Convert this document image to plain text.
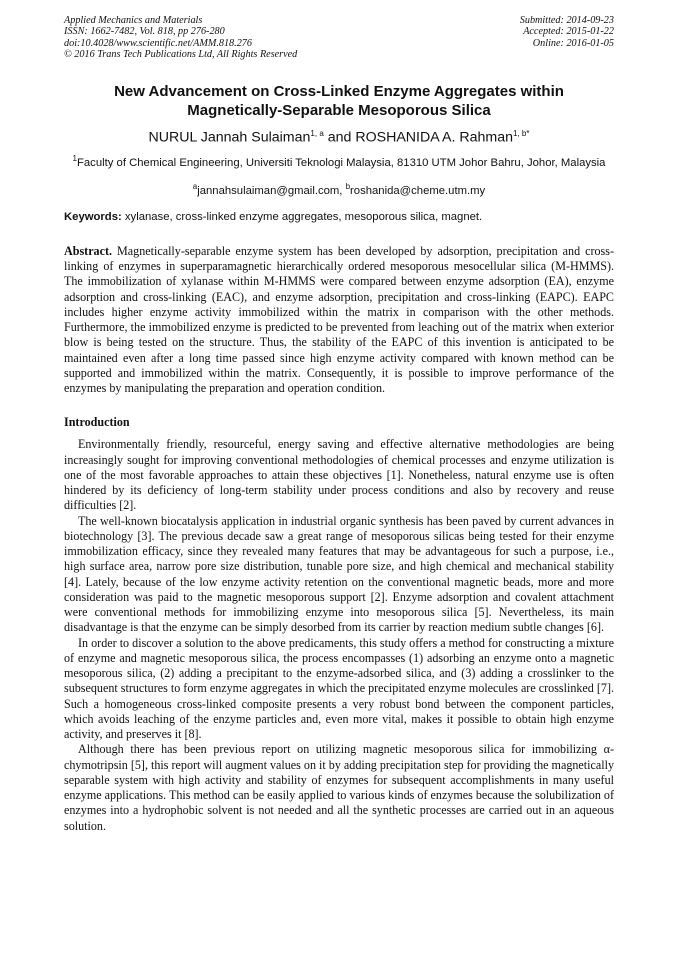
Applied Mechanics and Materials
ISSN: 1662-7482, Vol. 818, pp 276-280
doi:10.4028/www.scientific.net/AMM.818.276
© 2016 Trans Tech Publications Ltd, All Rights Reserved
Submitted: 2014-09-23
Accepted: 2015-01-22
Online: 2016-01-05
New Advancement on Cross-Linked Enzyme Aggregates within Magnetically-Separable Mesoporous Silica
NURUL Jannah Sulaiman$^{1, a}$ and ROSHANIDA A. Rahman$^{1, b*}$
$^1$Faculty of Chemical Engineering, Universiti Teknologi Malaysia, 81310 UTM Johor Bahru, Johor, Malaysia
$^a$jannahsulaiman@gmail.com, $^b$roshanida@cheme.utm.my
Keywords: xylanase, cross-linked enzyme aggregates, mesoporous silica, magnet.
Abstract. Magnetically-separable enzyme system has been developed by adsorption, precipitation and cross-linking of enzymes in superparamagnetic hierarchically ordered mesoporous mesocellular silica (M-HMMS). The immobilization of xylanase within M-HMMS were compared between enzyme adsorption (EA), enzyme adsorption and cross-linking (EAC), and enzyme adsorption, precipitation and cross-linking (EAPC). EAPC includes higher enzyme activity immobilized within the matrix in comparison with the other methods. Furthermore, the immobilized enzyme is predicted to be prevented from leaching out of the matrix when exterior blow is being tested on the structure. Thus, the stability of the EAPC of this invention is anticipated to be maintained even after a long time passed since high enzyme activity compared with known method can be supported and immobilized within the matrix. Consequently, it is possible to improve performance of the enzymes by manipulating the preparation and operation condition.
Introduction

Environmentally friendly, resourceful, energy saving and effective alternative methodologies are being increasingly sought for improving conventional methodologies of chemical processes and enzyme utilization is one of the most favorable approaches to attain these objectives [1]. Nonetheless, natural enzyme use is often hindered by its deficiency of long-term stability under process conditions and also by recovery and reuse difficulties [2].

The well-known biocatalysis application in industrial organic synthesis has been paved by current advances in biotechnology [3]. The previous decade saw a great range of mesoporous silicas being tested for their enzyme immobilization efficacy, since they revealed many features that may be advantageous for such a purpose, i.e., high surface area, narrow pore size distribution, tunable pore size, and high chemical and mechanical stability [4]. Lately, because of the low enzyme activity retention on the conventional magnetic beads, more and more consideration was paid to the magnetic mesoporous support [2]. Enzyme adsorption and covalent attachment were conventional methods for immobilizing enzyme into mesoporous silica [5]. Nevertheless, its main disadvantage is that the enzyme can be simply desorbed from its carrier by reaction medium subtle changes [6].

In order to discover a solution to the above predicaments, this study offers a method for constructing a mixture of enzyme and magnetic mesoporous silica, the process encompasses (1) adsorbing an enzyme onto a magnetic mesoporous silica, (2) adding a precipitant to the enzyme-adsorbed silica, and (3) adding a crosslinker to the subsequent structures to form enzyme aggregates in which the precipitated enzyme molecules are crosslinked [7]. Such a homogeneous cross-linked composite presents a very robust bond between the component particles, which avoids leaching of the enzyme particles and, even more vital, makes it possible to obtain high enzyme activity, and preserves it [8].

Although there has been previous report on utilizing magnetic mesoporous silica for immobilizing α-chymotripsin [5], this report will augment values on it by adding precipitation step for providing the magnetically separable system with high activity and stability of enzymes for subsequent accomplishments in many useful enzyme applications. This method can be easily applied to various kinds of enzymes because the solubilization of enzymes into a hydrophobic solvent is not needed and all the synthetic processes are carried out in an aqueous solution.
